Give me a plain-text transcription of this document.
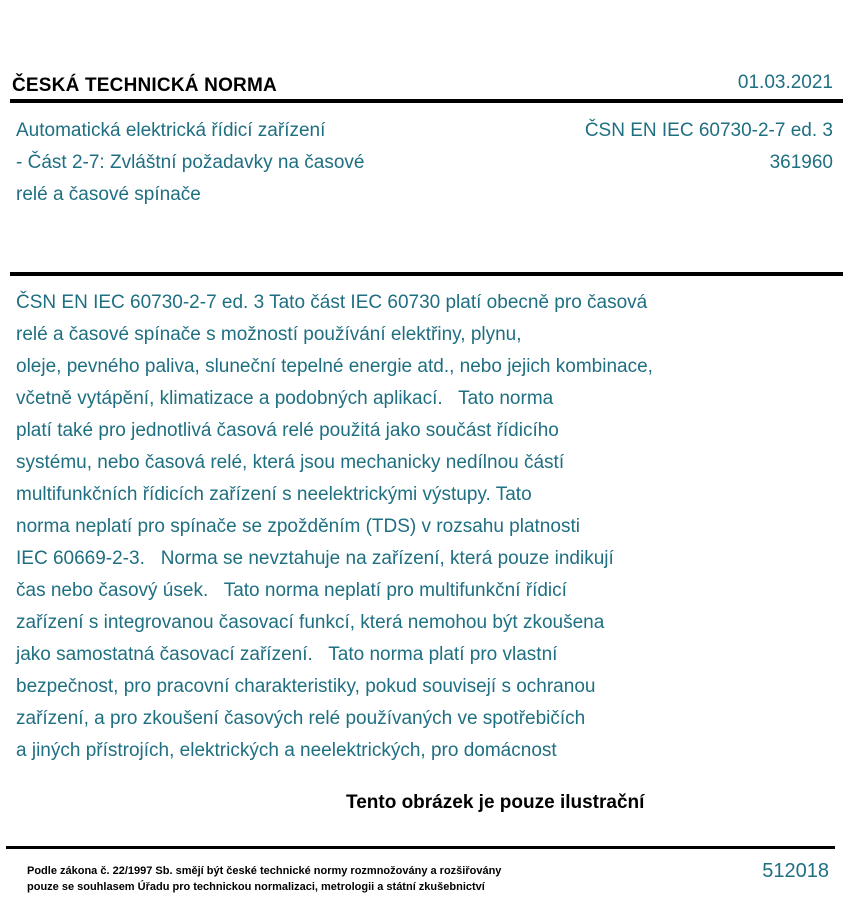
ČESKÁ TECHNICKÁ NORMA	01.03.2021
Automatická elektrická řídicí zařízení
- Část 2-7: Zvláštní požadavky na časové
relé a časové spínače
ČSN EN IEC 60730-2-7 ed. 3
361960
ČSN EN IEC 60730-2-7 ed. 3 Tato část IEC 60730 platí obecně pro časová
relé a časové spínače s možností používání elektřiny, plynu,
oleje, pevného paliva, sluneční tepelné energie atd., nebo jejich kombinace,
včetně vytápění, klimatizace a podobných aplikací.   Tato norma
platí také pro jednotlivá časová relé použitá jako součást řídicího
systému, nebo časová relé, která jsou mechanicky nedílnou částí
multifunkčních řídicích zařízení s neelektrickými výstupy. Tato
norma neplatí pro spínače se zpožděním (TDS) v rozsahu platnosti
IEC 60669-2-3.   Norma se nevztahuje na zařízení, která pouze indikují
čas nebo časový úsek.   Tato norma neplatí pro multifunkční řídicí
zařízení s integrovanou časovací funkcí, která nemohou být zkoušena
jako samostatná časovací zařízení.   Tato norma platí pro vlastní
bezpečnost, pro pracovní charakteristiky, pokud souvisejí s ochranou
zařízení, a pro zkoušení časových relé používaných ve spotřebičích
a jiných přístrojích, elektrických a neelektrických, pro domácnost
Tento obrázek je pouze ilustrační
Podle zákona č. 22/1997 Sb. smějí být české technické normy rozmnožovány a rozšiřovány
pouze se souhlasem Úřadu pro technickou normalizaci, metrologii a státní zkušebnictví
512018
